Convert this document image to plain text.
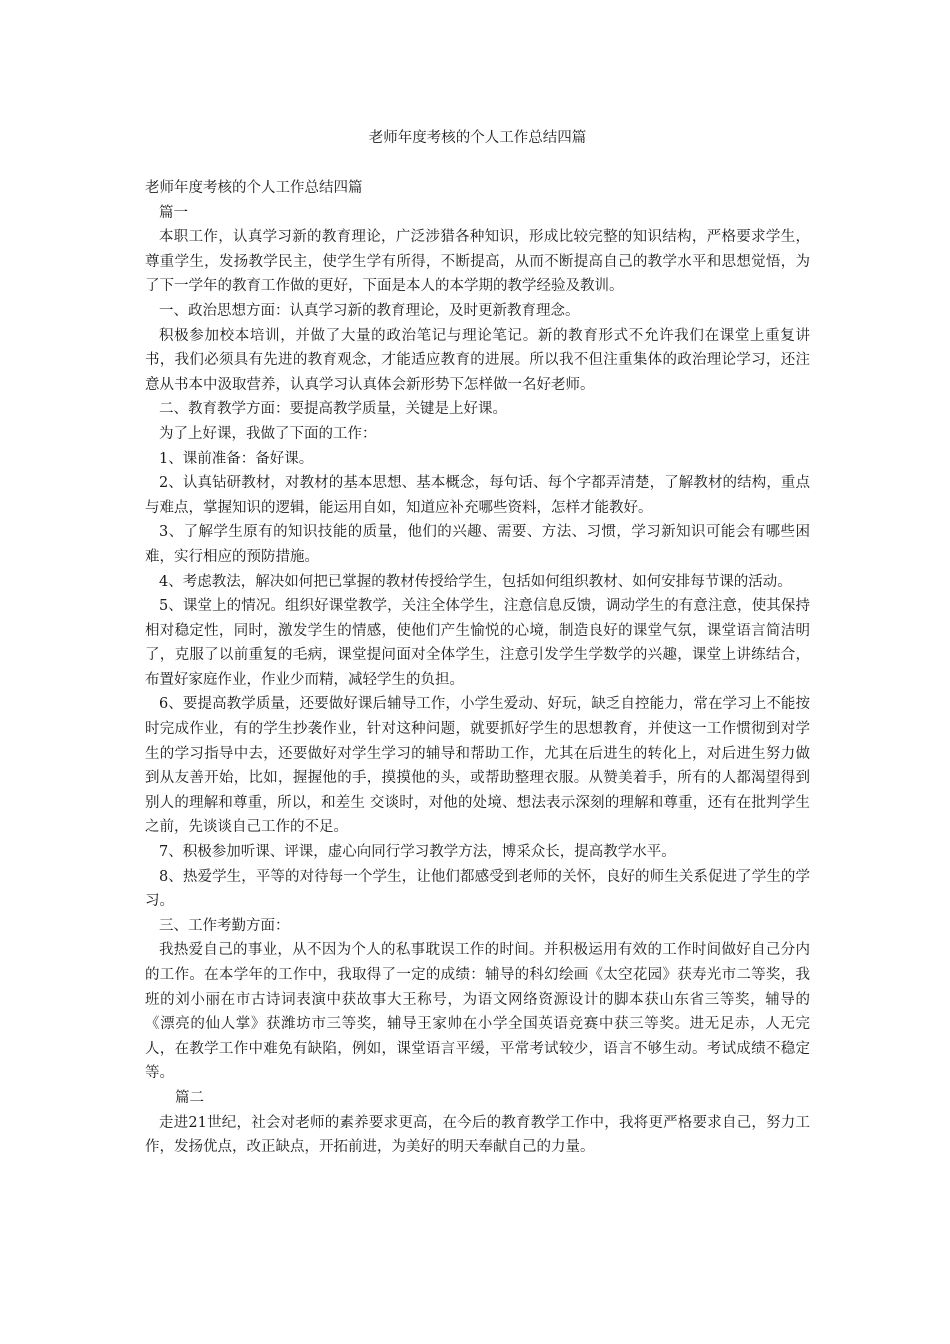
老师年度考核的个人工作总结四篇

老师年度考核的个人工作总结四篇

篇一

本职工作，认真学习新的教育理论，广泛涉猎各种知识，形成比较完整的知识结构，严格要求学生，尊重学生，发扬教学民主，使学生学有所得，不断提高，从而不断提高自己的教学水平和思想觉悟，为了下一学年的教育工作做的更好，下面是本人的本学期的教学经验及教训。

一、政治思想方面：认真学习新的教育理论，及时更新教育理念。

积极参加校本培训，并做了大量的政治笔记与理论笔记。新的教育形式不允许我们在课堂上重复讲书，我们必须具有先进的教育观念，才能适应教育的进展。所以我不但注重集体的政治理论学习，还注意从书本中汲取营养，认真学习认真体会新形势下怎样做一名好老师。

二、教育教学方面：要提高教学质量，关键是上好课。

为了上好课，我做了下面的工作：

1、课前准备：备好课。

2、认真钻研教材，对教材的基本思想、基本概念，每句话、每个字都弄清楚，了解教材的结构，重点与难点，掌握知识的逻辑，能运用自如，知道应补充哪些资料，怎样才能教好。

3、了解学生原有的知识技能的质量，他们的兴趣、需要、方法、习惯，学习新知识可能会有哪些困难，实行相应的预防措施。

4、考虑教法，解决如何把已掌握的教材传授给学生，包括如何组织教材、如何安排每节课的活动。

5、课堂上的情况。组织好课堂教学，关注全体学生，注意信息反馈，调动学生的有意注意，使其保持相对稳定性，同时，激发学生的情感，使他们产生愉悦的心境，制造良好的课堂气氛，课堂语言简洁明了，克服了以前重复的毛病，课堂提问面对全体学生，注意引发学生学数学的兴趣，课堂上讲练结合，布置好家庭作业，作业少而精，减轻学生的负担。

6、要提高教学质量，还要做好课后辅导工作，小学生爱动、好玩，缺乏自控能力，常在学习上不能按时完成作业，有的学生抄袭作业，针对这种问题，就要抓好学生的思想教育，并使这一工作惯彻到对学生的学习指导中去，还要做好对学生学习的辅导和帮助工作，尤其在后进生的转化上，对后进生努力做到从友善开始，比如，握握他的手，摸摸他的头，或帮助整理衣服。从赞美着手，所有的人都渴望得到别人的理解和尊重，所以，和差生 交谈时，对他的处境、想法表示深刻的理解和尊重，还有在批判学生之前，先谈谈自己工作的不足。

7、积极参加听课、评课，虚心向同行学习教学方法，博采众长，提高教学水平。

8、热爱学生，平等的对待每一个学生，让他们都感受到老师的关怀，良好的师生关系促进了学生的学习。

三、工作考勤方面：

我热爱自己的事业，从不因为个人的私事耽误工作的时间。并积极运用有效的工作时间做好自己分内的工作。在本学年的工作中，我取得了一定的成绩：辅导的科幻绘画《太空花园》获寿光市二等奖，我班的刘小丽在市古诗词表演中获故事大王称号，为语文网络资源设计的脚本获山东省三等奖，辅导的《漂亮的仙人掌》获潍坊市三等奖，辅导王家帅在小学全国英语竞赛中获三等奖。进无足赤，人无完人，在教学工作中难免有缺陷，例如，课堂语言平缓，平常考试较少，语言不够生动。考试成绩不稳定等。

篇二

走进21世纪，社会对老师的素养要求更高，在今后的教育教学工作中，我将更严格要求自己，努力工作，发扬优点，改正缺点，开拓前进，为美好的明天奉献自己的力量。
